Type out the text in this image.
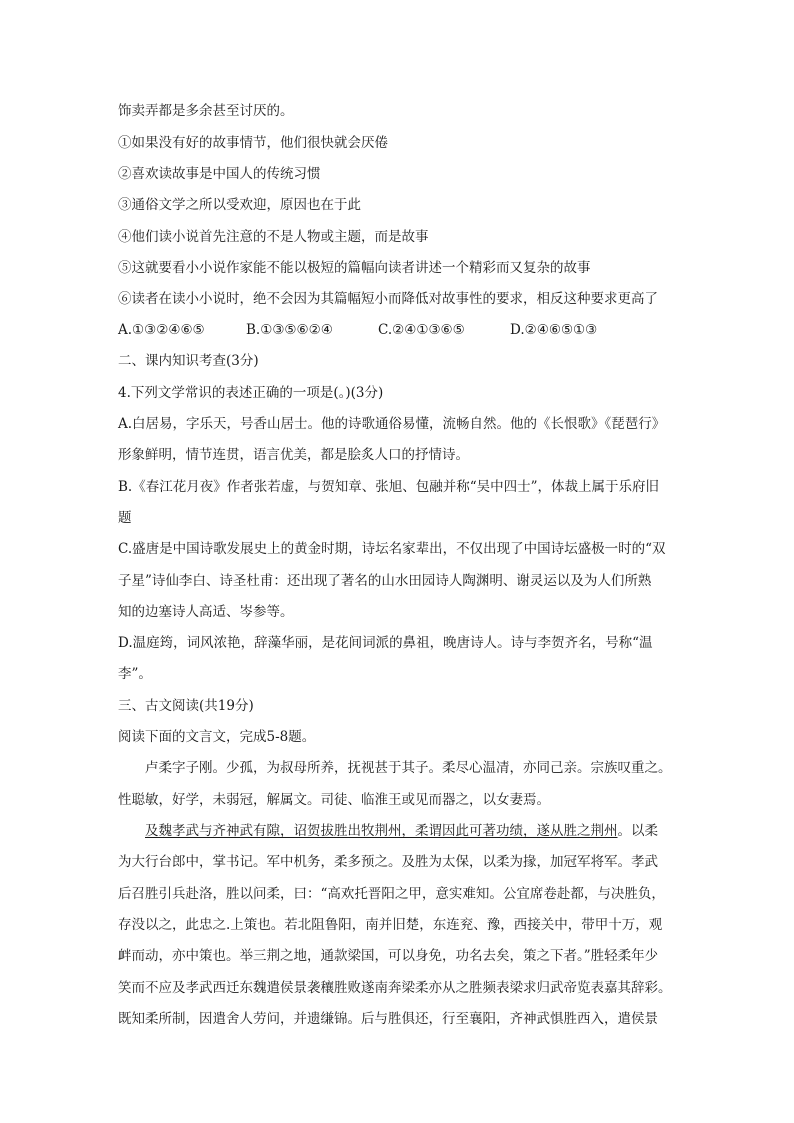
饰卖弄都是多余甚至讨厌的。
①如果没有好的故事情节，他们很快就会厌倦
②喜欢读故事是中国人的传统习惯
③通俗文学之所以受欢迎，原因也在于此
④他们读小说首先注意的不是人物或主题，而是故事
⑤这就要看小小说作家能不能以极短的篇幅向读者讲述一个精彩而又复杂的故事
⑥读者在读小小说时，绝不会因为其篇幅短小而降低对故事性的要求，相反这种要求更高了
A.①③②④⑥⑤	B.①③⑤⑥②④	C.②④①③⑥⑤	D.②④⑥⑤①③
二、课内知识考查(3分)
4.下列文学常识的表述正确的一项是(。)(3分)
A.白居易，字乐天，号香山居士。他的诗歌通俗易懂，流畅自然。他的《长恨歌》《琵琶行》
形象鲜明，情节连贯，语言优美，都是脍炙人口的抒情诗。
B.《春江花月夜》作者张若虚，与贺知章、张旭、包融并称“吴中四士”，体裁上属于乐府旧
题
C.盛唐是中国诗歌发展史上的黄金时期，诗坛名家辈出，不仅出现了中国诗坛盛极一时的“双
子星”诗仙李白、诗圣杜甫：还出现了著名的山水田园诗人陶渊明、谢灵运以及为人们所熟
知的边塞诗人高适、岑参等。
D.温庭筠，词风浓艳，辞藻华丽，是花间词派的鼻祖，晚唐诗人。诗与李贺齐名，号称“温
李”。
三、古文阅读(共19分)
阅读下面的文言文，完成5-8题。
卢柔字子刚。少孤，为叔母所养，抚视甚于其子。柔尽心温凊，亦同己亲。宗族叹重之。
性聪敏，好学，未弱冠，解属文。司徒、临淮王或见而器之，以女妻焉。
及魏孝武与齐神武有隙，诏贺拔胜出牧荆州，柔谓因此可著功绩，遂从胜之荆州。以柔
为大行台郎中，掌书记。军中机务，柔多预之。及胜为太保，以柔为掾，加冠军将军。孝武
后召胜引兵赴洛，胜以问柔，曰：“高欢托晋阳之甲，意实难知。公宜席卷赴都，与决胜负，
存没以之，此忠之.上策也。若北阻鲁阳，南并旧楚，东连兖、豫，西接关中，带甲十万，观
衅而动，亦中策也。举三荆之地，通款梁国，可以身免，功名去矣，策之下者。”胜轻柔年少
笑而不应及孝武西迁东魏遣侯景袭穰胜败遂南奔梁柔亦从之胜频表梁求归武帝览表嘉其辞彩。
既知柔所制，因遣舍人劳问，并遗缣锦。后与胜俱还，行至襄阳，齐神武惧胜西入，遣侯景
